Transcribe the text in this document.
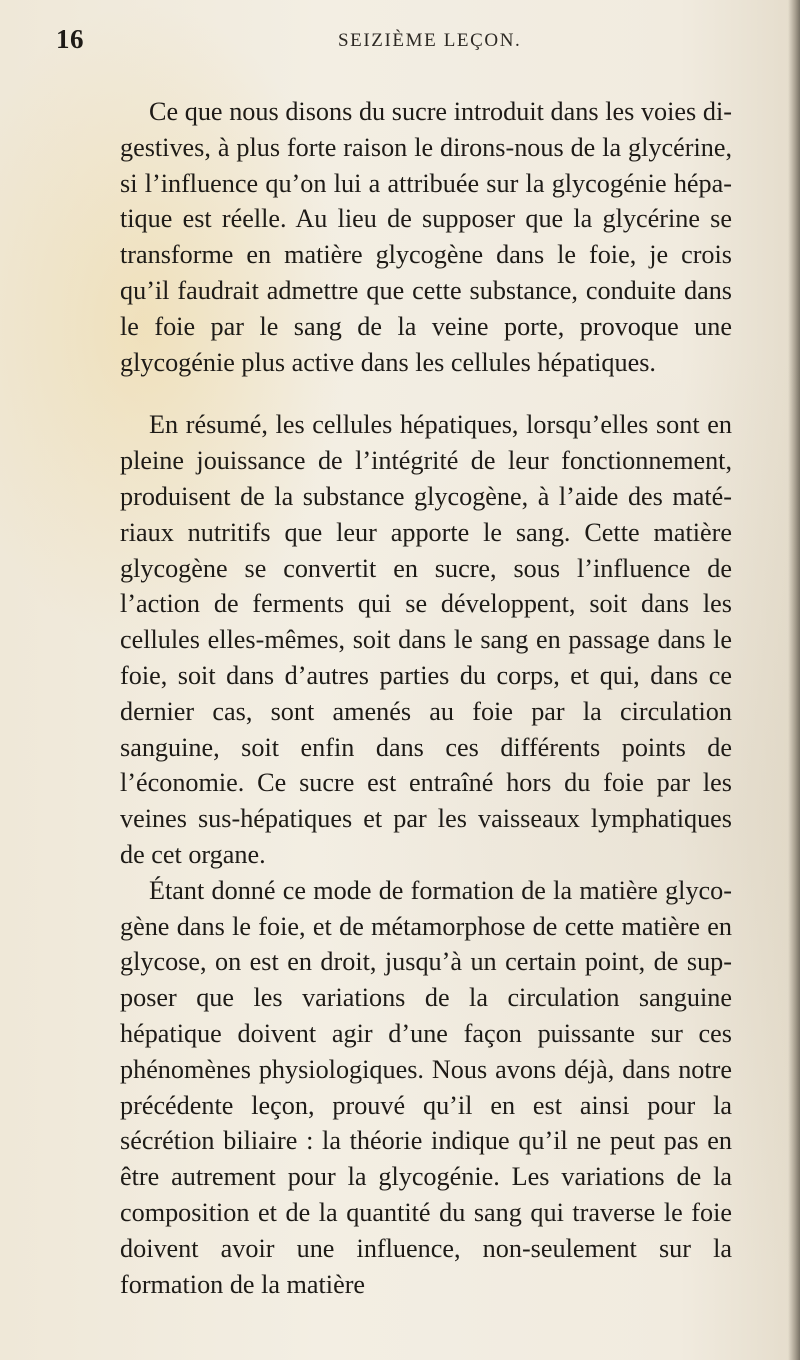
16	SEIZIÈME LEÇON.

Ce que nous disons du sucre introduit dans les voies digestives, à plus forte raison le dirons-nous de la glycérine, si l’influence qu’on lui a attribuée sur la glycogénie hépatique est réelle. Au lieu de supposer que la glycérine se transforme en matière glycogène dans le foie, je crois qu’il faudrait admettre que cette substance, conduite dans le foie par le sang de la veine porte, provoque une glycogénie plus active dans les cellules hépatiques.

En résumé, les cellules hépatiques, lorsqu’elles sont en pleine jouissance de l’intégrité de leur fonctionnement, produisent de la substance glycogène, à l’aide des matériaux nutritifs que leur apporte le sang. Cette matière glycogène se convertit en sucre, sous l’influence de l’action de ferments qui se développent, soit dans les cellules elles-mêmes, soit dans le sang en passage dans le foie, soit dans d’autres parties du corps, et qui, dans ce dernier cas, sont amenés au foie par la circulation sanguine, soit enfin dans ces différents points de l’économie. Ce sucre est entraîné hors du foie par les veines sus-hépatiques et par les vaisseaux lymphatiques de cet organe.

Étant donné ce mode de formation de la matière glycogène dans le foie, et de métamorphose de cette matière en glycose, on est en droit, jusqu’à un certain point, de supposer que les variations de la circulation sanguine hépatique doivent agir d’une façon puissante sur ces phénomènes physiologiques. Nous avons déjà, dans notre précédente leçon, prouvé qu’il en est ainsi pour la sécrétion biliaire : la théorie indique qu’il ne peut pas en être autrement pour la glycogénie. Les variations de la composition et de la quantité du sang qui traverse le foie doivent avoir une influence, non-seulement sur la formation de la matière
